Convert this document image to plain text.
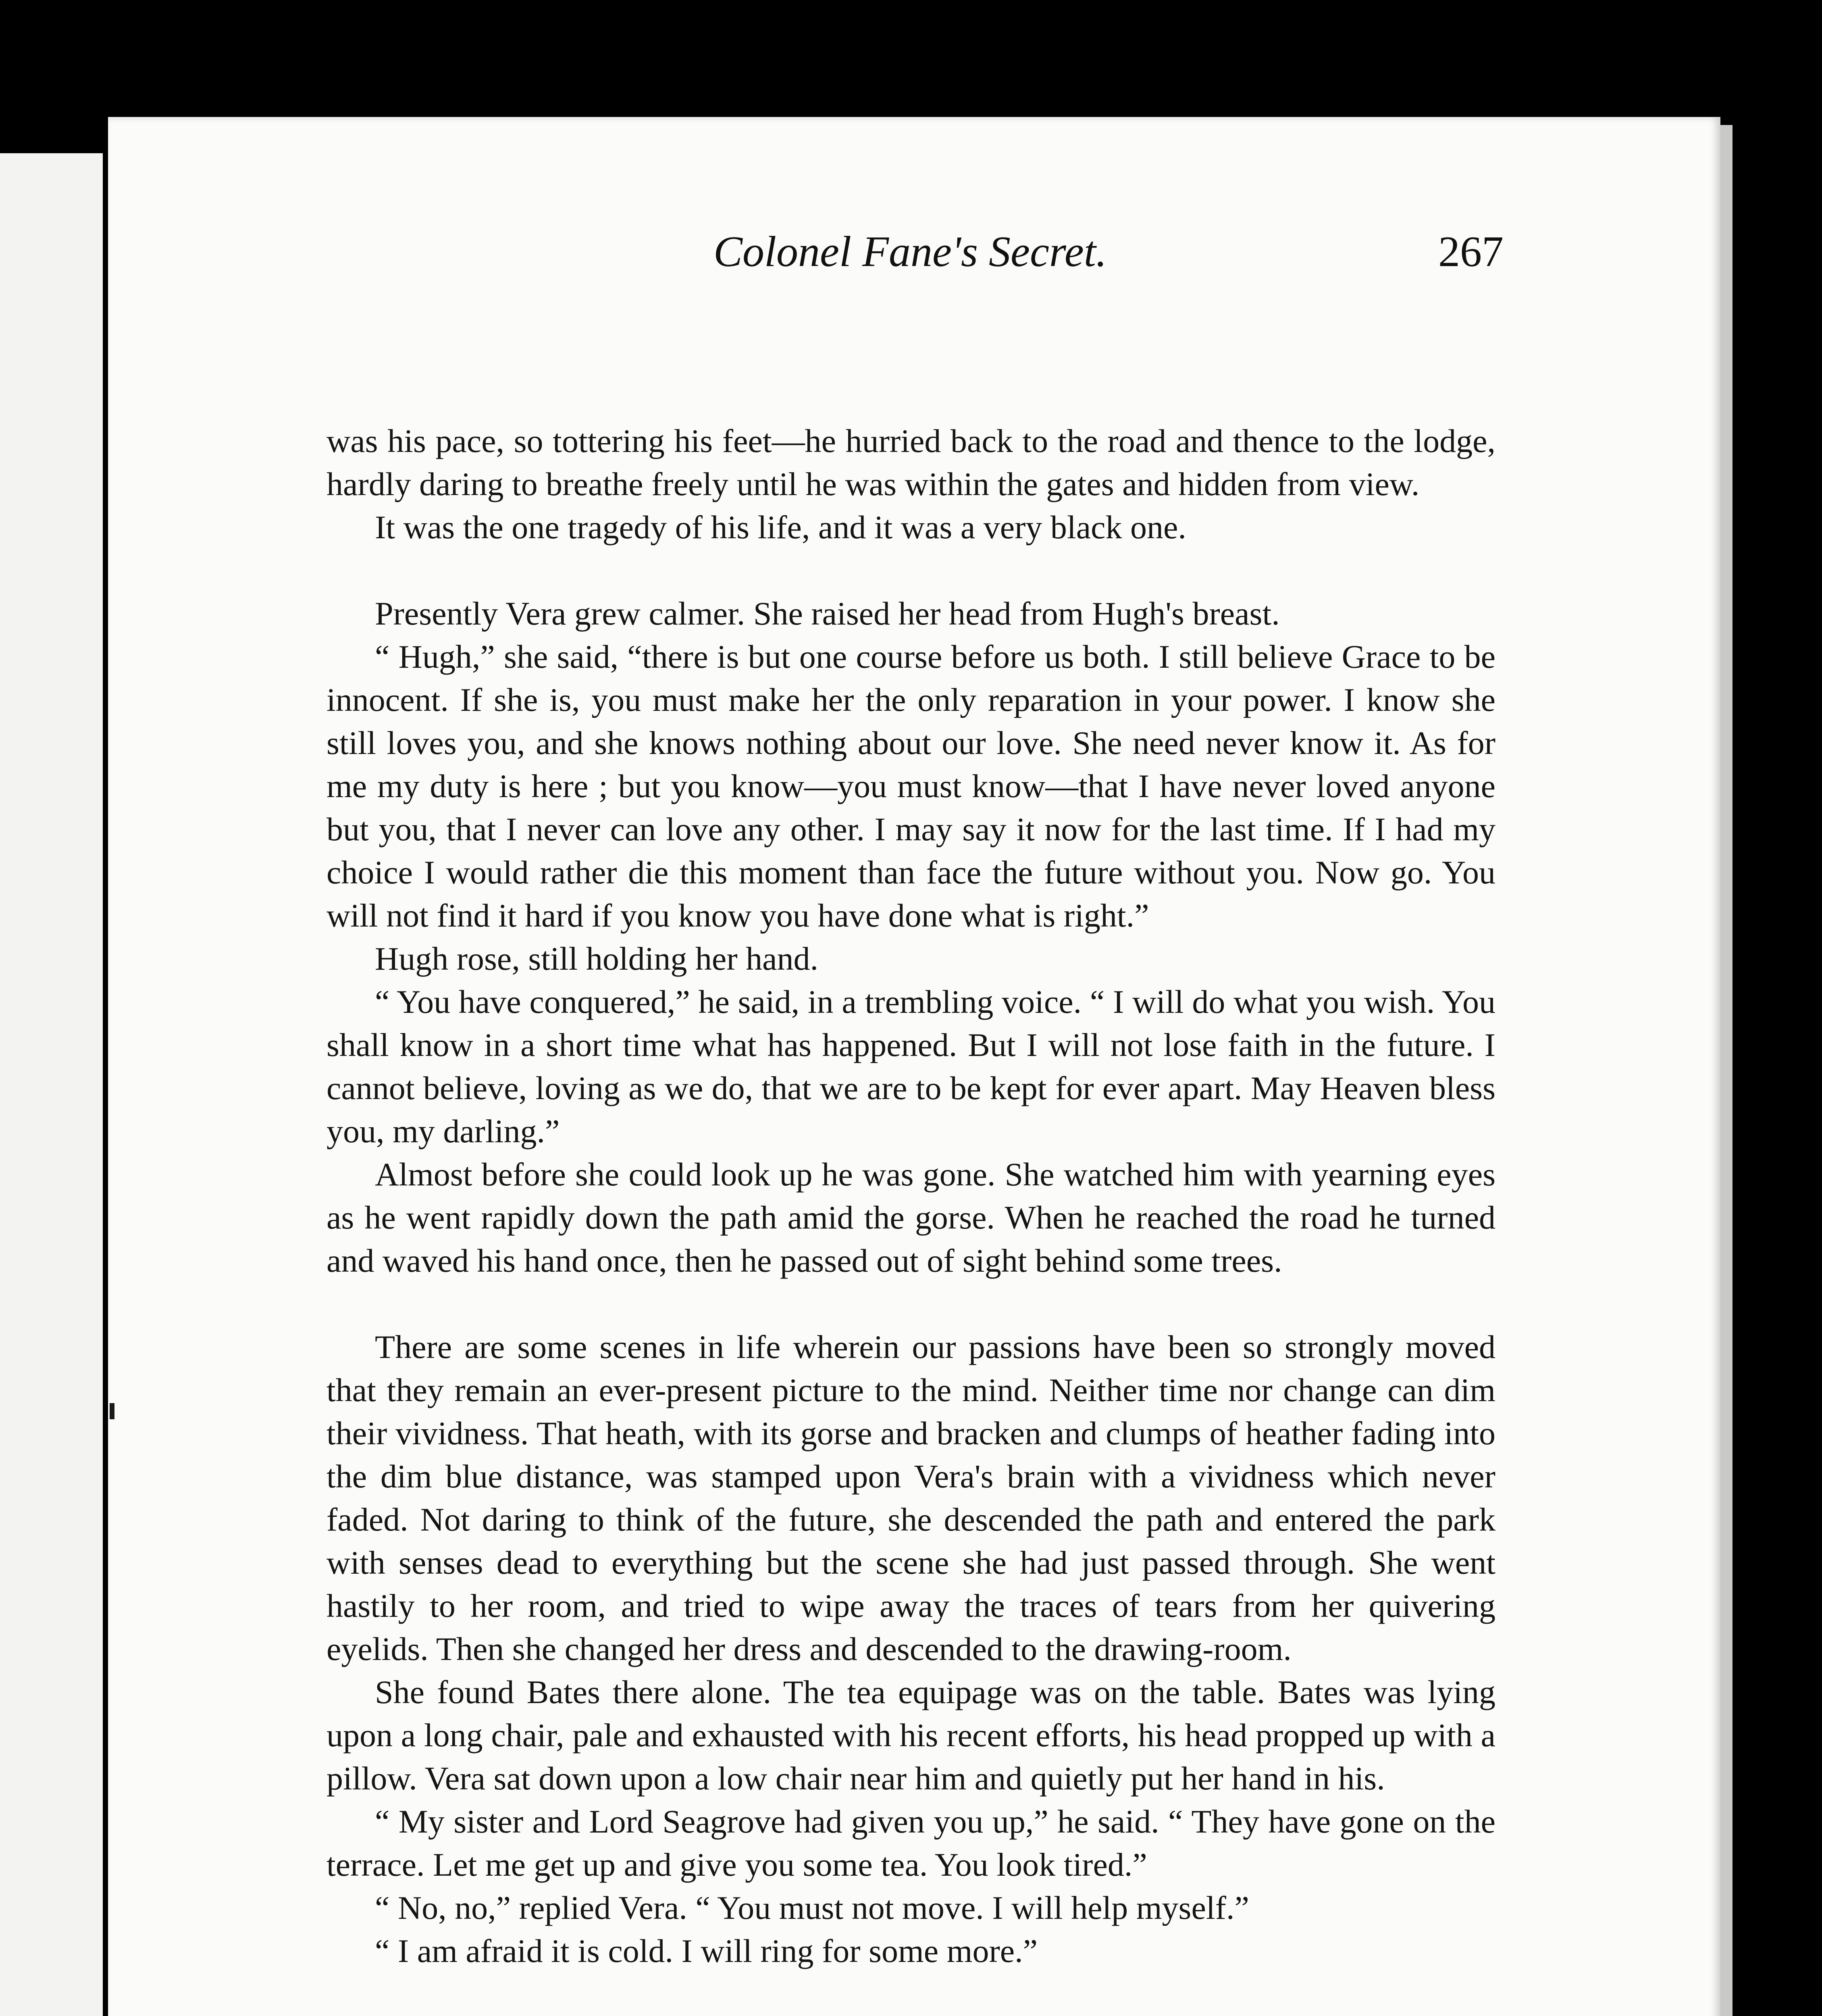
Colonel Fane's Secret.	267

was his pace, so tottering his feet—he hurried back to the road and thence to the lodge, hardly daring to breathe freely until he was within the gates and hidden from view.

It was the one tragedy of his life, and it was a very black one.

Presently Vera grew calmer. She raised her head from Hugh's breast.

“ Hugh,” she said, “there is but one course before us both. I still believe Grace to be innocent. If she is, you must make her the only reparation in your power. I know she still loves you, and she knows nothing about our love. She need never know it. As for me my duty is here ; but you know—you must know—that I have never loved anyone but you, that I never can love any other. I may say it now for the last time. If I had my choice I would rather die this moment than face the future without you. Now go. You will not find it hard if you know you have done what is right.”

Hugh rose, still holding her hand.

“ You have conquered,” he said, in a trembling voice. “ I will do what you wish. You shall know in a short time what has happened. But I will not lose faith in the future. I cannot believe, loving as we do, that we are to be kept for ever apart. May Heaven bless you, my darling.”

Almost before she could look up he was gone. She watched him with yearning eyes as he went rapidly down the path amid the gorse. When he reached the road he turned and waved his hand once, then he passed out of sight behind some trees.

There are some scenes in life wherein our passions have been so strongly moved that they remain an ever-present picture to the mind. Neither time nor change can dim their vividness. That heath, with its gorse and bracken and clumps of heather fading into the dim blue distance, was stamped upon Vera's brain with a vividness which never faded. Not daring to think of the future, she descended the path and entered the park with senses dead to everything but the scene she had just passed through. She went hastily to her room, and tried to wipe away the traces of tears from her quivering eyelids. Then she changed her dress and descended to the drawing-room.

She found Bates there alone. The tea equipage was on the table. Bates was lying upon a long chair, pale and exhausted with his recent efforts, his head propped up with a pillow. Vera sat down upon a low chair near him and quietly put her hand in his.

“ My sister and Lord Seagrove had given you up,” he said. “ They have gone on the terrace. Let me get up and give you some tea. You look tired.”

“ No, no,” replied Vera. “ You must not move. I will help myself.”

“ I am afraid it is cold. I will ring for some more.”
